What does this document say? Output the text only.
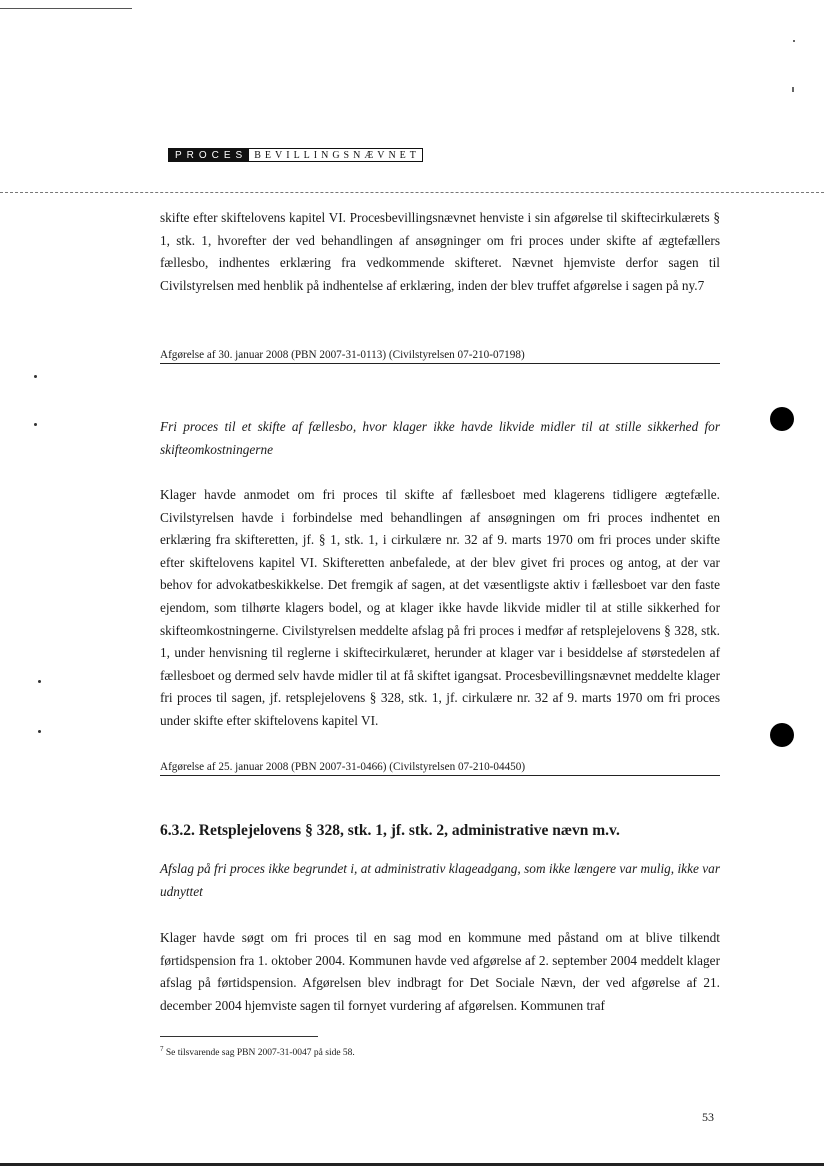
PROCES BEVILLINGSNÆVNET

skifte efter skiftelovens kapitel VI. Procesbevillingsnævnet henviste i sin afgørelse til skiftecirkulærets § 1, stk. 1, hvorefter der ved behandlingen af ansøgninger om fri proces under skifte af ægtefællers fællesbo, indhentes erklæring fra vedkommende skifteret. Nævnet hjemviste derfor sagen til Civilstyrelsen med henblik på indhentelse af erklæring, inden der blev truffet afgørelse i sagen på ny.7

Afgørelse af 30. januar 2008 (PBN 2007-31-0113) (Civilstyrelsen 07-210-07198)

Fri proces til et skifte af fællesbo, hvor klager ikke havde likvide midler til at stille sikkerhed for skifteomkostningerne

Klager havde anmodet om fri proces til skifte af fællesboet med klagerens tidligere ægtefælle. Civilstyrelsen havde i forbindelse med behandlingen af ansøgningen om fri proces indhentet en erklæring fra skifteretten, jf. § 1, stk. 1, i cirkulære nr. 32 af 9. marts 1970 om fri proces under skifte efter skiftelovens kapitel VI. Skifteretten anbefalede, at der blev givet fri proces og antog, at der var behov for advokatbeskikkelse. Det fremgik af sagen, at det væsentligste aktiv i fællesboet var den faste ejendom, som tilhørte klagers bodel, og at klager ikke havde likvide midler til at stille sikkerhed for skifteomkostningerne. Civilstyrelsen meddelte afslag på fri proces i medfør af retsplejelovens § 328, stk. 1, under henvisning til reglerne i skiftecirkulæret, herunder at klager var i besiddelse af størstedelen af fællesboet og dermed selv havde midler til at få skiftet igangsat. Procesbevillingsnævnet meddelte klager fri proces til sagen, jf. retsplejelovens § 328, stk. 1, jf. cirkulære nr. 32 af 9. marts 1970 om fri proces under skifte efter skiftelovens kapitel VI.

Afgørelse af 25. januar 2008 (PBN 2007-31-0466) (Civilstyrelsen 07-210-04450)
6.3.2. Retsplejelovens § 328, stk. 1, jf. stk. 2, administrative nævn m.v.

Afslag på fri proces ikke begrundet i, at administrativ klageadgang, som ikke længere var mulig, ikke var udnyttet

Klager havde søgt om fri proces til en sag mod en kommune med påstand om at blive tilkendt førtidspension fra 1. oktober 2004. Kommunen havde ved afgørelse af 2. september 2004 meddelt klager afslag på førtidspension. Afgørelsen blev indbragt for Det Sociale Nævn, der ved afgørelse af 21. december 2004 hjemviste sagen til fornyet vurdering af afgørelsen. Kommunen traf

$^7$ Se tilsvarende sag PBN 2007-31-0047 på side 58.
53
